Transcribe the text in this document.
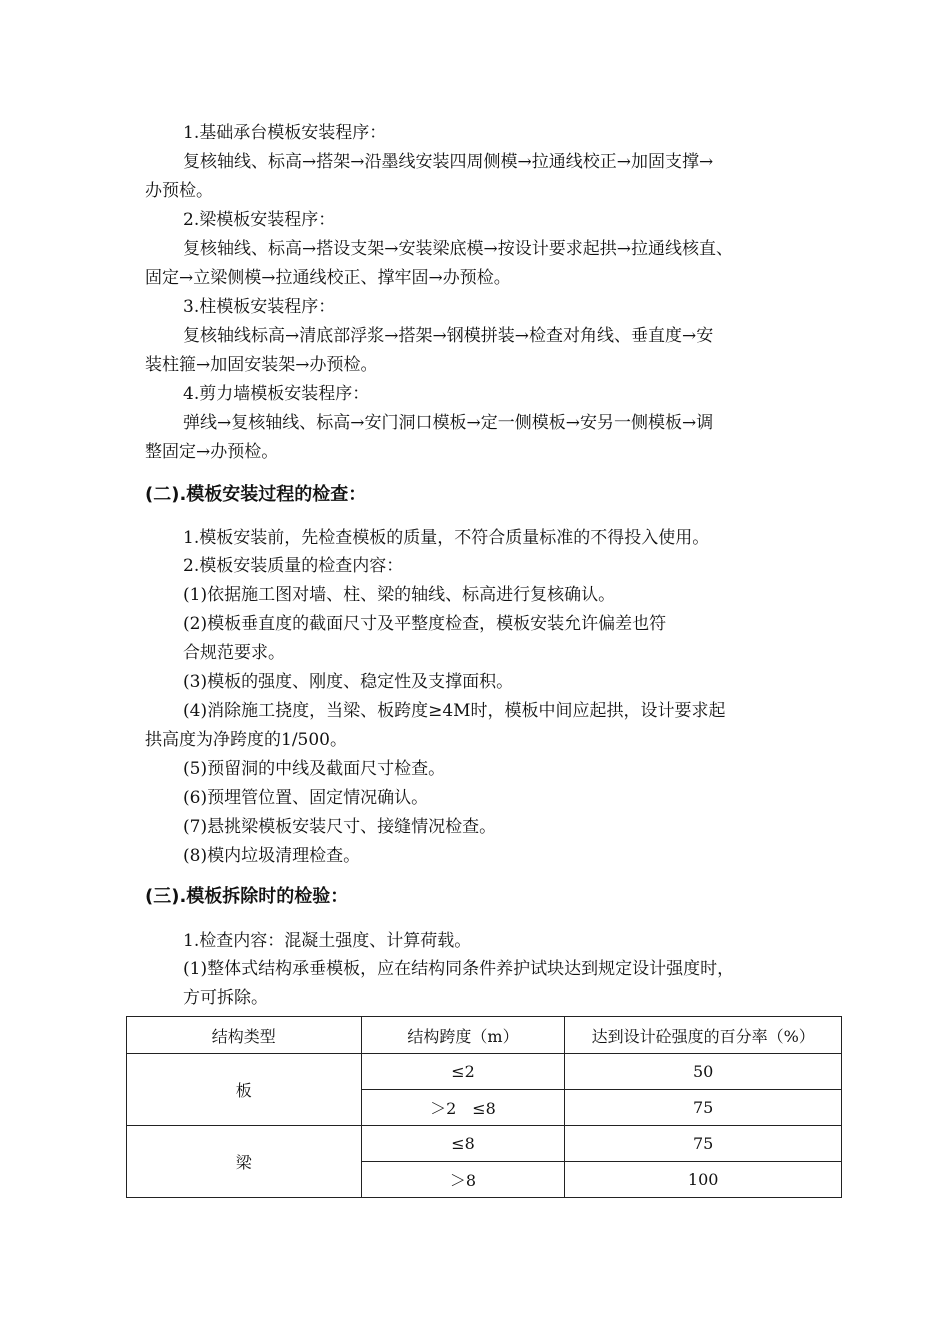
1.基础承台模板安装程序：
复核轴线、标高→搭架→沿墨线安装四周侧模→拉通线校正→加固支撑→
办预检。
2.梁模板安装程序：
复核轴线、标高→搭设支架→安装梁底模→按设计要求起拱→拉通线核直、
固定→立梁侧模→拉通线校正、撑牢固→办预检。
3.柱模板安装程序：
复核轴线标高→清底部浮浆→搭架→钢模拼装→检查对角线、垂直度→安
装柱箍→加固安装架→办预检。
4.剪力墙模板安装程序：
弹线→复核轴线、标高→安门洞口模板→定一侧模板→安另一侧模板→调
整固定→办预检。
(二).模板安装过程的检查：
1.模板安装前，先检查模板的质量，不符合质量标准的不得投入使用。
2.模板安装质量的检查内容：
(1)依据施工图对墙、柱、梁的轴线、标高进行复核确认。
(2)模板垂直度的截面尺寸及平整度检查，模板安装允许偏差也符
合规范要求。
(3)模板的强度、刚度、稳定性及支撑面积。
(4)消除施工挠度，当梁、板跨度≥4M时，模板中间应起拱，设计要求起
拱高度为净跨度的1/500。
(5)预留洞的中线及截面尺寸检查。
(6)预埋管位置、固定情况确认。
(7)悬挑梁模板安装尺寸、接缝情况检查。
(8)模内垃圾清理检查。
(三).模板拆除时的检验：
1.检查内容：混凝土强度、计算荷载。
(1)整体式结构承垂模板，应在结构同条件养护试块达到规定设计强度时，
方可拆除。
结构类型	结构跨度（m）	达到设计砼强度的百分率（%）
板	≤2	50
	＞2　≤8	75
梁	≤8	75
	＞8	100
